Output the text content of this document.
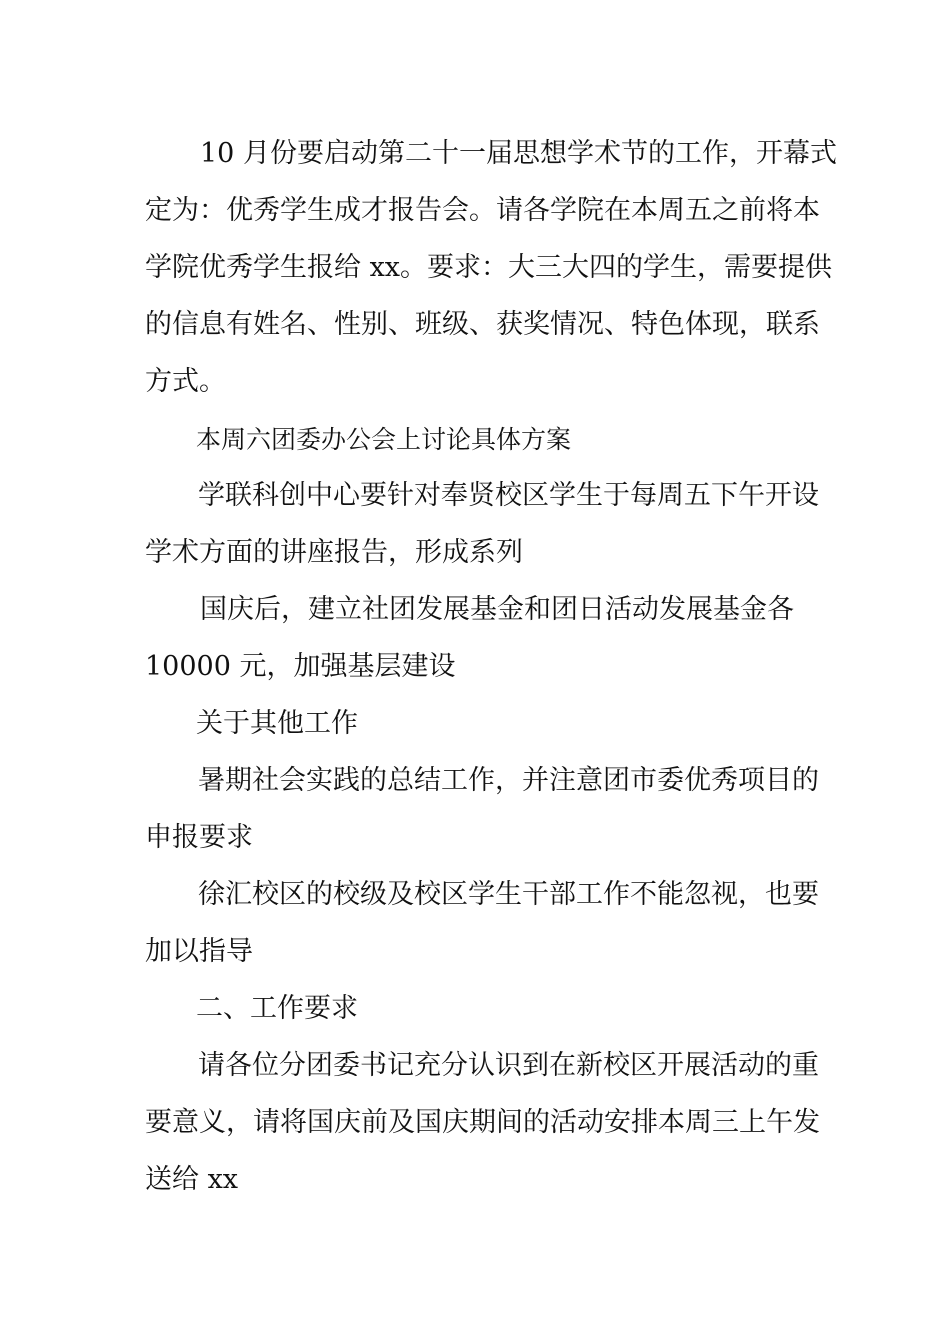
10 月份要启动第二十一届思想学术节的工作，开幕式
定为：优秀学生成才报告会。请各学院在本周五之前将本
学院优秀学生报给 xx。要求：大三大四的学生，需要提供
的信息有姓名、性别、班级、获奖情况、特色体现，联系
方式。
本周六团委办公会上讨论具体方案
学联科创中心要针对奉贤校区学生于每周五下午开设
学术方面的讲座报告，形成系列
国庆后，建立社团发展基金和团日活动发展基金各
10000 元，加强基层建设
关于其他工作
暑期社会实践的总结工作，并注意团市委优秀项目的
申报要求
徐汇校区的校级及校区学生干部工作不能忽视，也要
加以指导
二、工作要求
请各位分团委书记充分认识到在新校区开展活动的重
要意义，请将国庆前及国庆期间的活动安排本周三上午发
送给 xx
